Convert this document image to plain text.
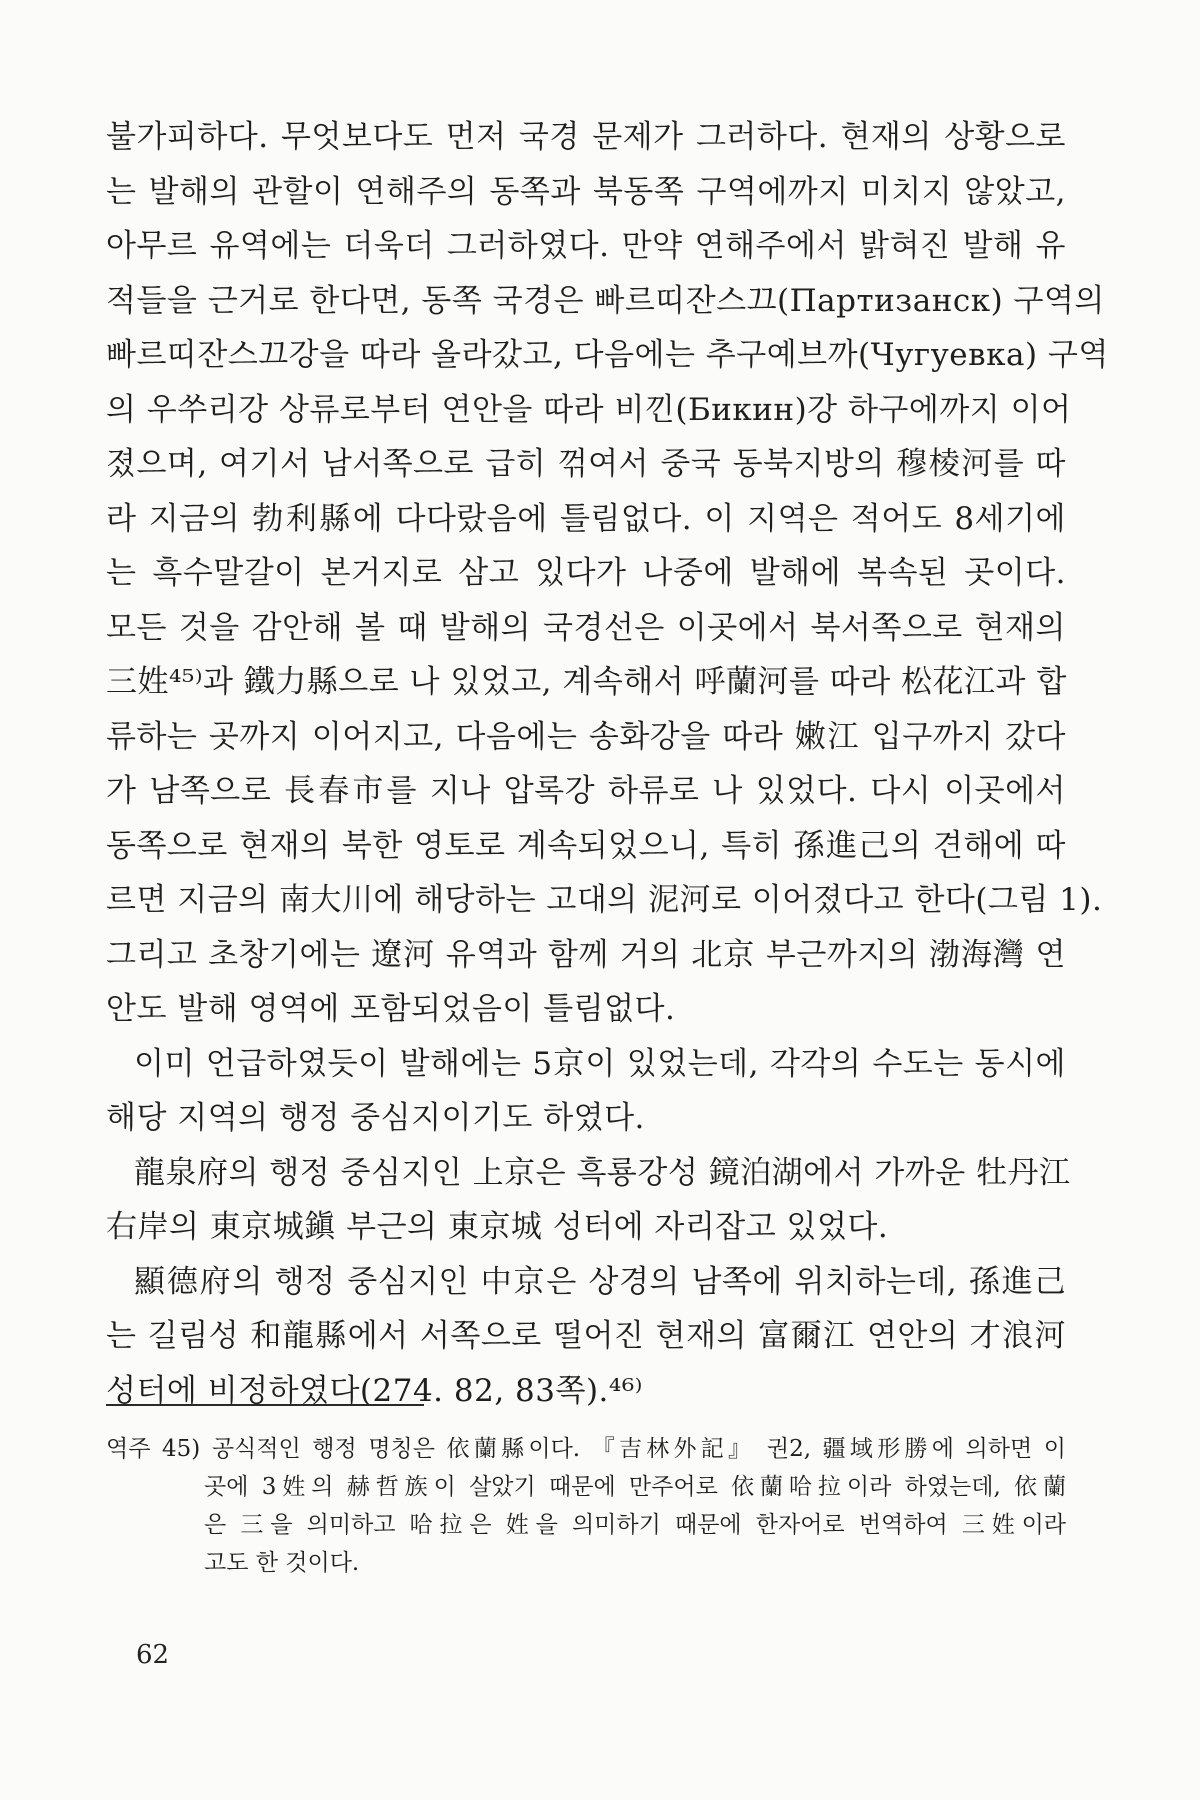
불가피하다. 무엇보다도 먼저 국경 문제가 그러하다. 현재의 상황으로
는 발해의 관할이 연해주의 동쪽과 북동쪽 구역에까지 미치지 않았고,
아무르 유역에는 더욱더 그러하였다. 만약 연해주에서 밝혀진 발해 유
적들을 근거로 한다면, 동쪽 국경은 빠르띠잔스끄(Партизанск) 구역의
빠르띠잔스끄강을 따라 올라갔고, 다음에는 추구예브까(Чугуевка) 구역
의 우쑤리강 상류로부터 연안을 따라 비낀(Бикин)강 하구에까지 이어
졌으며, 여기서 남서쪽으로 급히 꺾여서 중국 동북지방의 穆棱河를 따
라 지금의 勃利縣에 다다랐음에 틀림없다. 이 지역은 적어도 8세기에
는 흑수말갈이 본거지로 삼고 있다가 나중에 발해에 복속된 곳이다.
모든 것을 감안해 볼 때 발해의 국경선은 이곳에서 북서쪽으로 현재의
三姓⁴⁵⁾과 鐵力縣으로 나 있었고, 계속해서 呼蘭河를 따라 松花江과 합
류하는 곳까지 이어지고, 다음에는 송화강을 따라 嫩江 입구까지 갔다
가 남쪽으로 長春市를 지나 압록강 하류로 나 있었다. 다시 이곳에서
동쪽으로 현재의 북한 영토로 계속되었으니, 특히 孫進己의 견해에 따
르면 지금의 南大川에 해당하는 고대의 泥河로 이어졌다고 한다(그림 1).
그리고 초창기에는 遼河 유역과 함께 거의 北京 부근까지의 渤海灣 연
안도 발해 영역에 포함되었음이 틀림없다.
이미 언급하였듯이 발해에는 5京이 있었는데, 각각의 수도는 동시에
해당 지역의 행정 중심지이기도 하였다.
龍泉府의 행정 중심지인 上京은 흑룡강성 鏡泊湖에서 가까운 牡丹江
右岸의 東京城鎭 부근의 東京城 성터에 자리잡고 있었다.
顯德府의 행정 중심지인 中京은 상경의 남쪽에 위치하는데, 孫進己
는 길림성 和龍縣에서 서쪽으로 떨어진 현재의 富爾江 연안의 才浪河
성터에 비정하였다(274. 82, 83쪽).⁴⁶⁾
역주 45) 공식적인 행정 명칭은 依蘭縣이다. 『吉林外記』 권2, 疆域形勝에 의하면 이
곳에 3姓의 赫哲族이 살았기 때문에 만주어로 依蘭哈拉이라 하였는데, 依蘭
은 三을 의미하고 哈拉은 姓을 의미하기 때문에 한자어로 번역하여 三姓이라
고도 한 것이다.
62
